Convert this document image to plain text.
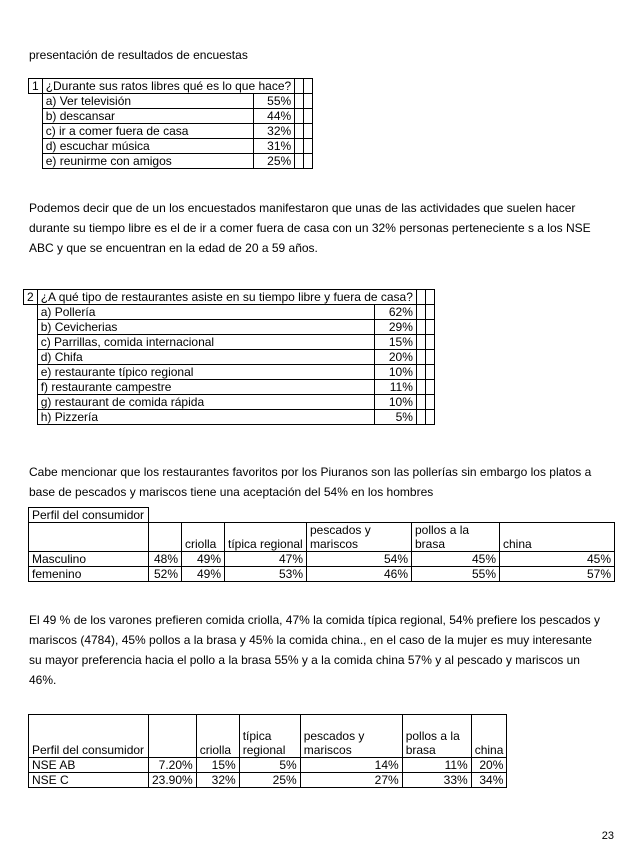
presentación de resultados de encuestas
1	¿Durante sus ratos libres qué es lo que hace?			
	a) Ver televisión	55%		
	b) descansar	44%		
	c) ir a comer fuera de casa	32%		
	d) escuchar música	31%		
	e) reunirme con amigos	25%		
Podemos decir que de un los encuestados manifestaron que unas de las actividades que suelen hacer durante su tiempo libre es el de ir a comer fuera de casa con un 32% personas perteneciente s a los NSE ABC y que se encuentran en la edad de 20 a 59 años.
2	¿A qué tipo de restaurantes asiste en su tiempo libre y fuera de casa?			
	a) Pollería	62%		
	b) Cevicherias	29%		
	c) Parrillas, comida internacional	15%		
	d) Chifa	20%		
	e) restaurante típico regional	10%		
	f) restaurante campestre	11%		
	g) restaurant de comida rápida	10%		
	h) Pizzería	5%		
Cabe mencionar que los restaurantes favoritos por los Piuranos son las pollerías sin embargo los platos a base de pescados y mariscos tiene una aceptación del 54% en los hombres
Perfil del consumidor						
		criolla	típica regional	pescados y mariscos	pollos a la brasa	china
Masculino	48%	49%	47%	54%	45%	45%
femenino	52%	49%	53%	46%	55%	57%
El 49 % de los varones prefieren comida criolla, 47% la comida típica regional, 54% prefiere los pescados y mariscos (4784), 45% pollos a la brasa y 45% la comida china., en el caso de la mujer es muy interesante su mayor preferencia hacia el pollo a la brasa 55% y a la comida china 57% y al pescado y mariscos un 46%.
Perfil del consumidor		criolla	típica regional	pescados y mariscos	pollos a la brasa	china
NSE AB	7.20%	15%	5%	14%	11%	20%
NSE C	23.90%	32%	25%	27%	33%	34%
23
